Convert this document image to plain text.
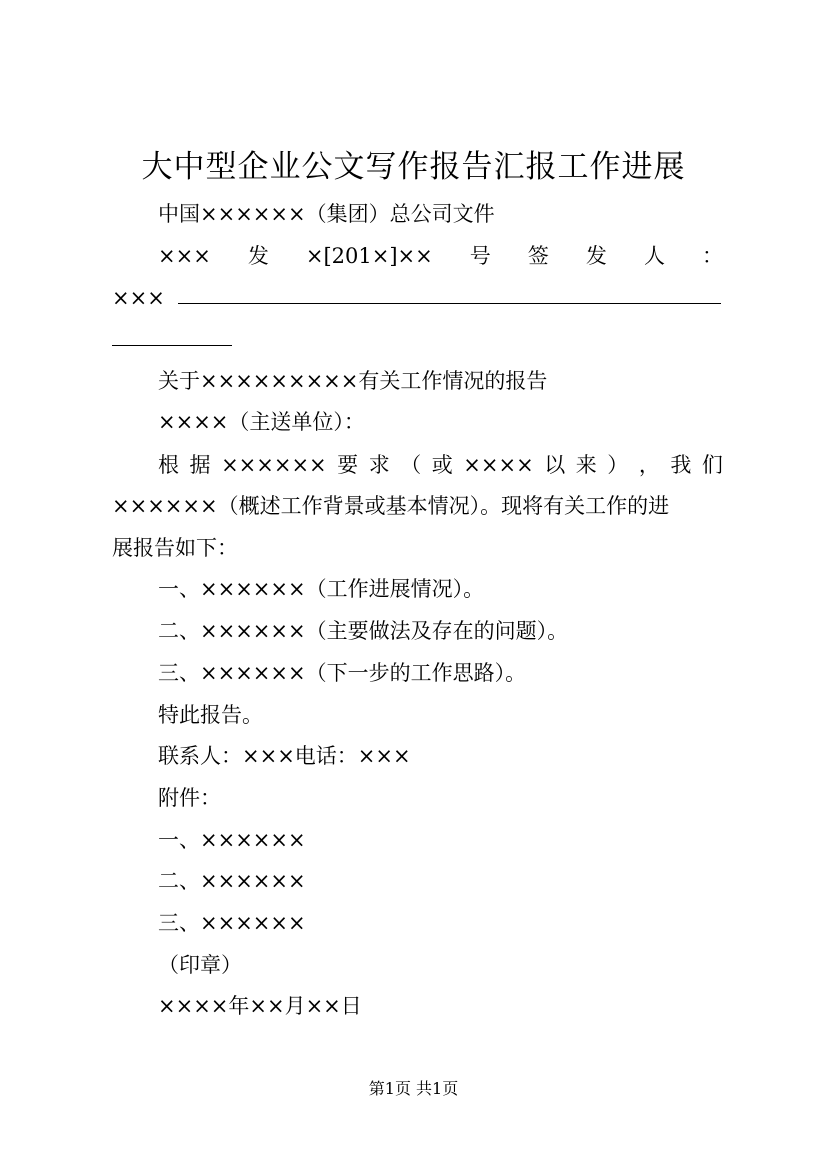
大中型企业公文写作报告汇报工作进展
中国××××××（集团）总公司文件
××× 发 ×[201×]×× 号 签 发 人 ：
×××
关于×××××××××有关工作情况的报告
××××（主送单位）：
根 据 ×××××× 要 求 （ 或 ×××× 以 来 ） ， 我 们
××××××（概述工作背景或基本情况）。现将有关工作的进
展报告如下：
一、××××××（工作进展情况）。
二、××××××（主要做法及存在的问题）。
三、××××××（下一步的工作思路）。
特此报告。
联系人：×××电话：×××
附件：
一、××××××
二、××××××
三、××××××
（印章）
××××年××月××日
第1页 共1页
